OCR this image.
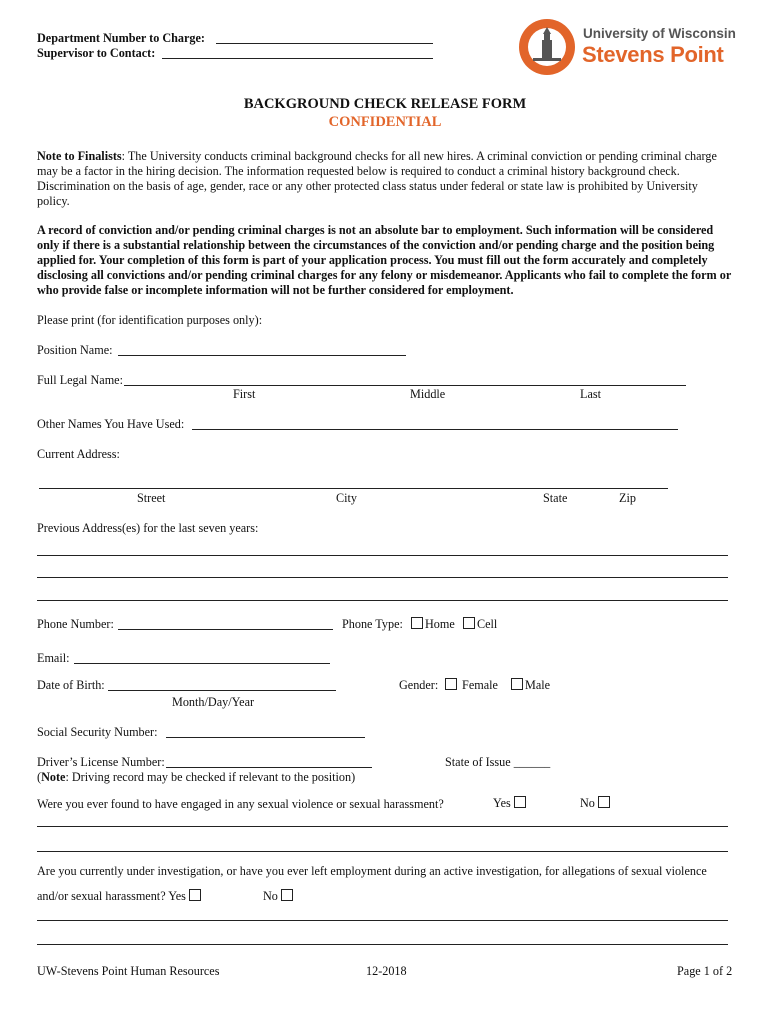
Department Number to Charge:
Supervisor to Contact:
University of Wisconsin
Stevens Point
BACKGROUND CHECK RELEASE FORM
CONFIDENTIAL
Note to Finalists: The University conducts criminal background checks for all new hires. A criminal conviction or pending criminal charge may be a factor in the hiring decision. The information requested below is required to conduct a criminal history background check. Discrimination on the basis of age, gender, race or any other protected class status under federal or state law is prohibited by University policy.
A record of conviction and/or pending criminal charges is not an absolute bar to employment. Such information will be considered only if there is a substantial relationship between the circumstances of the conviction and/or pending charge and the position being applied for. Your completion of this form is part of your application process. You must fill out the form accurately and completely disclosing all convictions and/or pending criminal charges for any felony or misdemeanor. Applicants who fail to complete the form or who provide false or incomplete information will not be further considered for employment.
Please print (for identification purposes only):
Position Name:
Full Legal Name:
First	Middle	Last
Other Names You Have Used:
Current Address:
Street	City	State	Zip
Previous Address(es) for the last seven years:
Phone Number:	Phone Type:	Home	Cell
Email:
Date of Birth:
Month/Day/Year
Gender:	Female	Male
Social Security Number:
Driver’s License Number:	State of Issue ______
(Note: Driving record may be checked if relevant to the position)
Were you ever found to have engaged in any sexual violence or sexual harassment?	Yes	No
Are you currently under investigation, or have you ever left employment during an active investigation, for allegations of sexual violence
and/or sexual harassment? Yes	No
UW-Stevens Point Human Resources	12-2018	Page 1 of 2
